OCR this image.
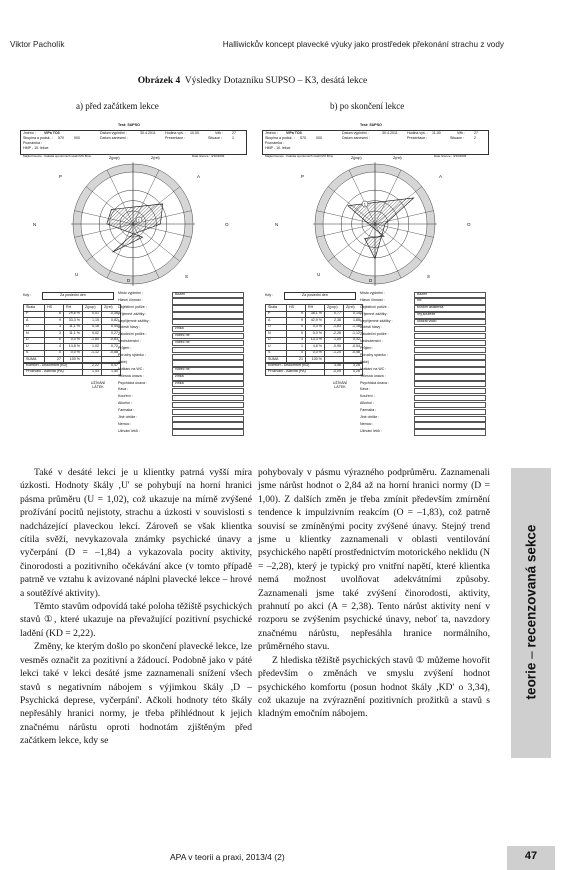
Viktor Pacholík	Halliwickův koncept plavecké výuky jako prostředek překonání strachu z vody
Obrázek 4 Výsledky Dotazníku SUPSO – K3, desátá lekce
a) před začátkem lekce	b) po skončení lekce
Test: SUPSO
Jméno : ViPa TO3	Datum vyplnění :	30.4.2011	Hodina vyš. : 10.00	Věk : 27
Skupina a podsk. : 570	000	Datum zanesení :	Prezentace :	Situace :	1
Poznámka :
HMP - 10. lekce
Majitel licence : Fakulta sportovních studií MU Brno	Date licence : 4/10/2009
P	A
O
D
U	S
N
Z(pop)	Z(rel)
1
Kdy :	Za poslední den
Škála	HS	RH	Z(pop)	Z(rel)
P	6	29,6 %	0,01	-0,36
A	9	33,3 %	1,15	0,82
O	3	11,1 %	0,16	0,44
N	3	11,1 %	0,02	0,27
D	0	0,0 %	-1,84	-0,83
U	4	14,8 %	1,02	0,72
S	0	0,0 %	-1,12	-0,58
SUMA	27	100 %		
Komfort - Diskomfort (KD)	2,22	0,47
Prožívání - Aktivita (PA)	1,43	1,50
UŽÍVÁNÍ LÁTEK
Místo vyplnění :	Bazén
Hlavní činnost :
Objektivní potíže :
Příjemné zážitky :
Nepříjemné zážitky :
Bolesti hlavy :	žíňka
Žaludeční potíže :	vůbec ne
Nechutenství :	vůbec ne
Průjem :
Poruchy spánku :
(jaké)
Nutkání na WC :	vůbec ne
Tělesná únava :	žíňka
Psychická únava :	žíňka
Káva :
Kouření :
Alkohol :
Farmaka :
Jiné obtíže :
Nemoc :
Užívání léků :
Test: SUPSO
Jméno : ViPa TO3	Datum vyplnění :	30.4.2011	Hodina vyš. : 11.00	Věk : 27
Skupina a podsk. : 570	000	Datum zanesení :	Prezentace :	Situace :	2
Poznámka :
HMP - 10. lekce
Majitel licence : Fakulta sportovních studií MU Brno	Date licence : 4/10/2009
P	A
O
D
U	S
N
Z(pop)	Z(rel)
1
Kdy :	Za poslední den
Škála	HS	RH	Z(pop)	Z(rel)
P	9	38,1 %	0,77	0,14
A	9	42,9 %	2,38	1,85
O	0	0,0 %	-1,83	-1,18
N	0	0,0 %	-2,28	-1,12
D	3	14,3 %	1,00	0,32
U	1	4,8 %	-0,95	-0,54
S	0	0,0 %	-1,24	-0,58
SUMA	21	100 %		
Komfort - Diskomfort (KD)	3,56	3,26
Prožívání - Aktivita (PA)	-0,05	0,26
UŽÍVÁNÍ LÁTEK
Místo vyplnění :	Bazén
Hlavní činnost :	nic
Objektivní potíže :	brzdím asistenta
Příjemné zážitky :	hry,soutěže
Nepříjemné zážitky :	ukázat vodu
Bolesti hlavy :
Žaludeční potíže :
Nechutenství :
Průjem :
Poruchy spánku :
(jaké)
Nutkání na WC :
Tělesná únava :
Psychická únava :
Káva :
Kouření :
Alkohol :
Farmaka :
Jiné obtíže :
Nemoc :
Užívání léků :

Také v desáté lekci je u klientky patrná vyšší míra úzkosti. Hodnoty škály ,U' se pohybují na horní hranici pásma průměru (U = 1,02), což ukazuje na mírně zvýšené prožívání pocitů nejistoty, strachu a úzkosti v souvislosti s nadcházející plaveckou lekcí. Zároveň se však klientka cítila svěží, nevykazovala známky psychické únavy a vyčerpání (D = –1,84) a vykazovala pocity aktivity, činorodosti a pozitivního očekávání akce (v tomto případě patrně ve vztahu k avizované náplni plavecké lekce – hrové a soutěžívé aktivity).

Těmto stavům odpovídá také poloha těžiště psychických stavů ①, které ukazuje na převažující pozitivní psychické ladění (KD = 2,22).

Změny, ke kterým došlo po skončení plavecké lekce, lze vesměs označit za pozitivní a žádoucí. Podobně jako v páté lekci také v lekci desáté jsme zaznamenali snížení všech stavů s negativním nábojem s výjimkou škály ,D – Psychická deprese, vyčerpání'. Ačkoli hodnoty této škály nepřesáhly hranici normy, je třeba přihlédnout k jejich značnému nárůstu oproti hodnotám zjištěným před začátkem lekce, kdy se

pohybovaly v pásmu výrazného podprůměru. Zaznamenali jsme nárůst hodnot o 2,84 až na horní hranici normy (D = 1,00). Z dalších změn je třeba zmínit především zmírnění tendence k impulzivním reakcím (O = –1,83), což patrně souvisí se zmíněnými pocity zvýšené únavy. Stejný trend jsme u klientky zaznamenali v oblasti ventilování psychického napětí prostřednictvím motorického neklidu (N = –2,28), který je typický pro vnitřní napětí, které klientka nemá možnost uvolňovat adekvátními způsoby. Zaznamenali jsme také zvýšení činorodosti, aktivity, prahnutí po akci (A = 2,38). Tento nárůst aktivity není v rozporu se zvýšením psychické únavy, neboť ta, navzdory značnému nárůstu, nepřesáhla hranice normálního, průměrného stavu.

Z hlediska těžiště psychických stavů ① můžeme hovořit především o změnách ve smyslu zvýšení hodnot psychického komfortu (posun hodnot škály ,KD' o 3,34), což ukazuje na zvýraznění pozitivních prožitků a stavů s kladným emočním nábojem.

teorie – recenzovaná sekce
APA v teorii a praxi, 2013/4 (2)	47
